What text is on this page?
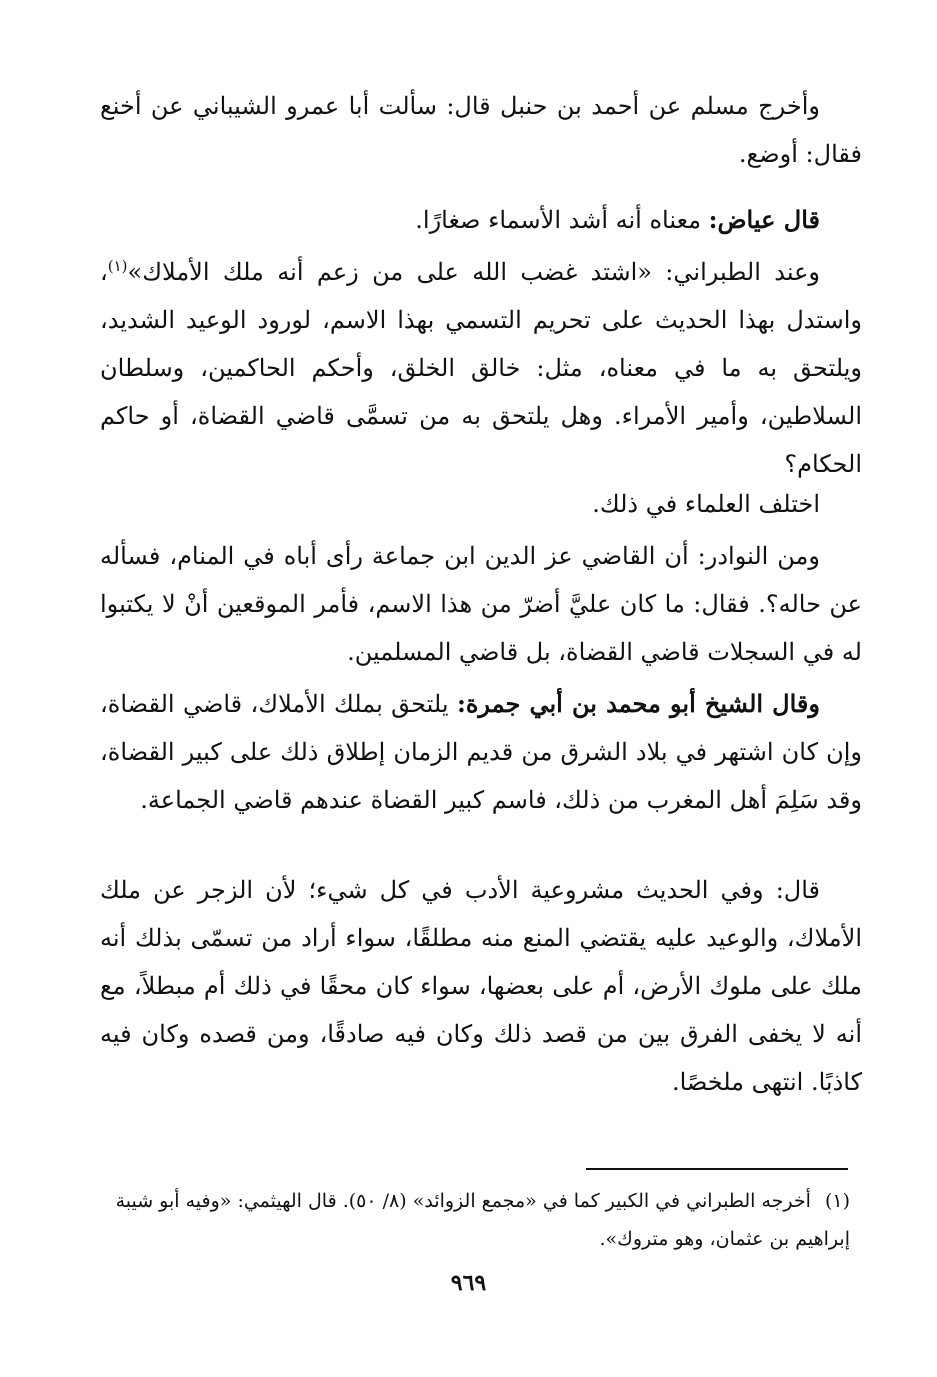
وأخرج مسلم عن أحمد بن حنبل قال: سألت أبا عمرو الشيباني عن أخنع فقال: أوضع.

قال عياض: معناه أنه أشد الأسماء صغارًا.

وعند الطبراني: «اشتد غضب الله على من زعم أنه ملك الأملاك»$^{(١)}$، واستدل بهذا الحديث على تحريم التسمي بهذا الاسم، لورود الوعيد الشديد، ويلتحق به ما في معناه، مثل: خالق الخلق، وأحكم الحاكمين، وسلطان السلاطين، وأمير الأمراء. وهل يلتحق به من تسمَّى قاضي القضاة، أو حاكم الحكام؟

اختلف العلماء في ذلك.

ومن النوادر: أن القاضي عز الدين ابن جماعة رأى أباه في المنام، فسأله عن حاله؟. فقال: ما كان عليَّ أضرّ من هذا الاسم، فأمر الموقعين أنْ لا يكتبوا له في السجلات قاضي القضاة، بل قاضي المسلمين.

وقال الشيخ أبو محمد بن أبي جمرة: يلتحق بملك الأملاك، قاضي القضاة، وإن كان اشتهر في بلاد الشرق من قديم الزمان إطلاق ذلك على كبير القضاة، وقد سَلِمَ أهل المغرب من ذلك، فاسم كبير القضاة عندهم قاضي الجماعة.

قال: وفي الحديث مشروعية الأدب في كل شيء؛ لأن الزجر عن ملك الأملاك، والوعيد عليه يقتضي المنع منه مطلقًا، سواء أراد من تسمّى بذلك أنه ملك على ملوك الأرض، أم على بعضها، سواء كان محقًا في ذلك أم مبطلاً، مع أنه لا يخفى الفرق بين من قصد ذلك وكان فيه صادقًا، ومن قصده وكان فيه كاذبًا. انتهى ملخصًا.

(١)أخرجه الطبراني في الكبير كما في «مجمع الزوائد» (٨/ ٥٠). قال الهيثمي: «وفيه أبو شيبة إبراهيم بن عثمان، وهو متروك».
٩٦٩
